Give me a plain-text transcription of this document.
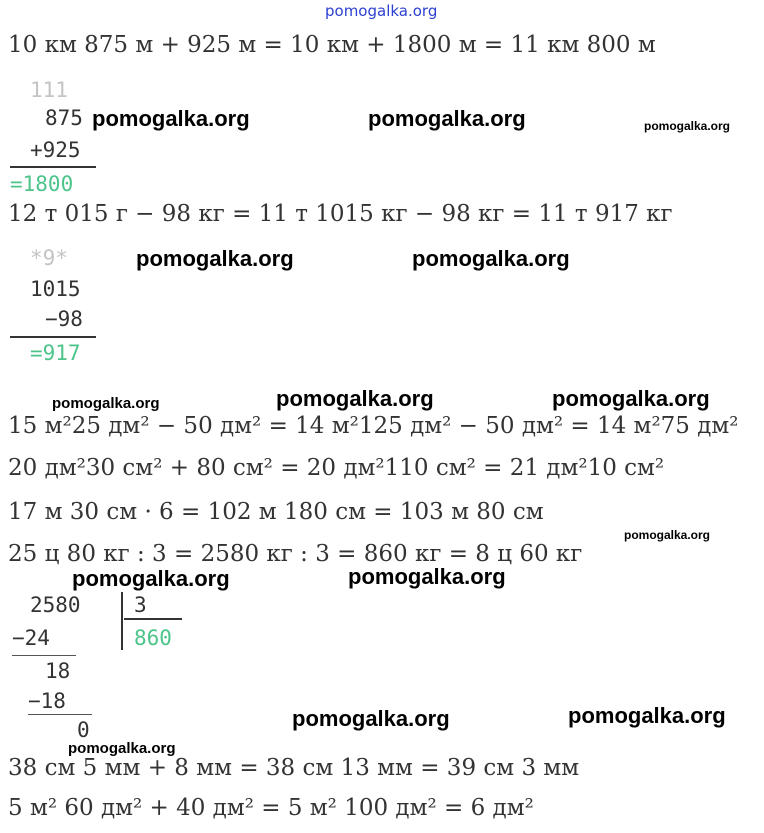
pomogalka.org
10 км 875 м + 925 м = 10 км + 1800 м = 11 км 800 м
111
875
+925
=1800
pomogalka.org	pomogalka.org	pomogalka.org
12 т 015 г − 98 кг = 11 т 1015 кг − 98 кг = 11 т 917 кг
*9*
1015
−98
=917
pomogalka.org	pomogalka.org
pomogalka.org	pomogalka.org	pomogalka.org
15 м²25 дм² − 50 дм² = 14 м²125 дм² − 50 дм² = 14 м²75 дм²
20 дм²30 см² + 80 см² = 20 дм²110 см² = 21 дм²10 см²
17 м 30 см · 6 = 102 м 180 см = 103 м 80 см
25 ц 80 кг : 3 = 2580 кг : 3 = 860 кг = 8 ц 60 кг
pomogalka.org
pomogalka.org	pomogalka.org
2580	3
860
−24
18
−18
0	pomogalka.org	pomogalka.org
pomogalka.org
38 см 5 мм + 8 мм = 38 см 13 мм = 39 см 3 мм
5 м² 60 дм² + 40 дм² = 5 м² 100 дм² = 6 дм²
